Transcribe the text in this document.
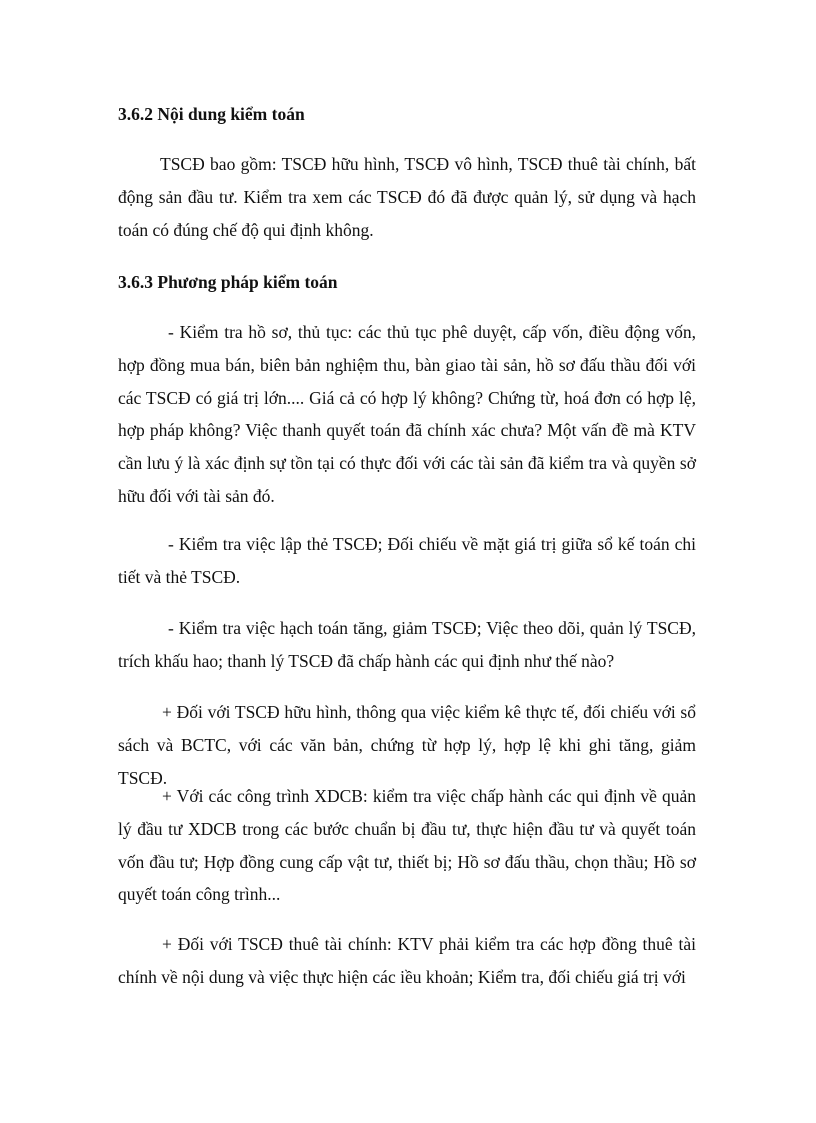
3.6.2 Nội dung kiểm toán
TSCĐ bao gồm: TSCĐ hữu hình, TSCĐ vô hình, TSCĐ thuê tài chính, bất động sản đầu tư. Kiểm tra xem các TSCĐ đó đã được quản lý, sử dụng và hạch toán có đúng chế độ qui định không.
3.6.3 Phương pháp kiểm toán
- Kiểm tra hồ sơ, thủ tục: các thủ tục phê duyệt, cấp vốn, điều động vốn, hợp đồng mua bán, biên bản nghiệm thu, bàn giao tài sản, hồ sơ đấu thầu đối với các TSCĐ có giá trị lớn.... Giá cả có hợp lý không? Chứng từ, hoá đơn có hợp lệ, hợp pháp không? Việc thanh quyết toán đã chính xác chưa? Một vấn đề mà KTV cần lưu ý là xác định sự tồn tại có thực đối với các tài sản đã kiểm tra và quyền sở hữu đối với tài sản đó.
- Kiểm tra việc lập thẻ TSCĐ; Đối chiếu về mặt giá trị giữa sổ kế toán chi tiết và thẻ TSCĐ.
- Kiểm tra việc hạch toán tăng, giảm TSCĐ; Việc theo dõi, quản lý TSCĐ, trích khấu hao; thanh lý TSCĐ đã chấp hành các qui định như thế nào?
+ Đối với TSCĐ hữu hình, thông qua việc kiểm kê thực tế, đối chiếu với sổ sách và BCTC, với các văn bản, chứng từ hợp lý, hợp lệ khi ghi tăng, giảm TSCĐ.
+ Với các công trình XDCB: kiểm tra việc chấp hành các qui định về quản lý đầu tư XDCB trong các bước chuẩn bị đầu tư, thực hiện đầu tư và quyết toán vốn đầu tư; Hợp đồng cung cấp vật tư, thiết bị; Hồ sơ đấu thầu, chọn thầu; Hồ sơ quyết toán công trình...
+ Đối với TSCĐ thuê tài chính: KTV phải kiểm tra các hợp đồng thuê tài chính về nội dung và việc thực hiện các iều khoản; Kiểm tra, đối chiếu giá trị với
